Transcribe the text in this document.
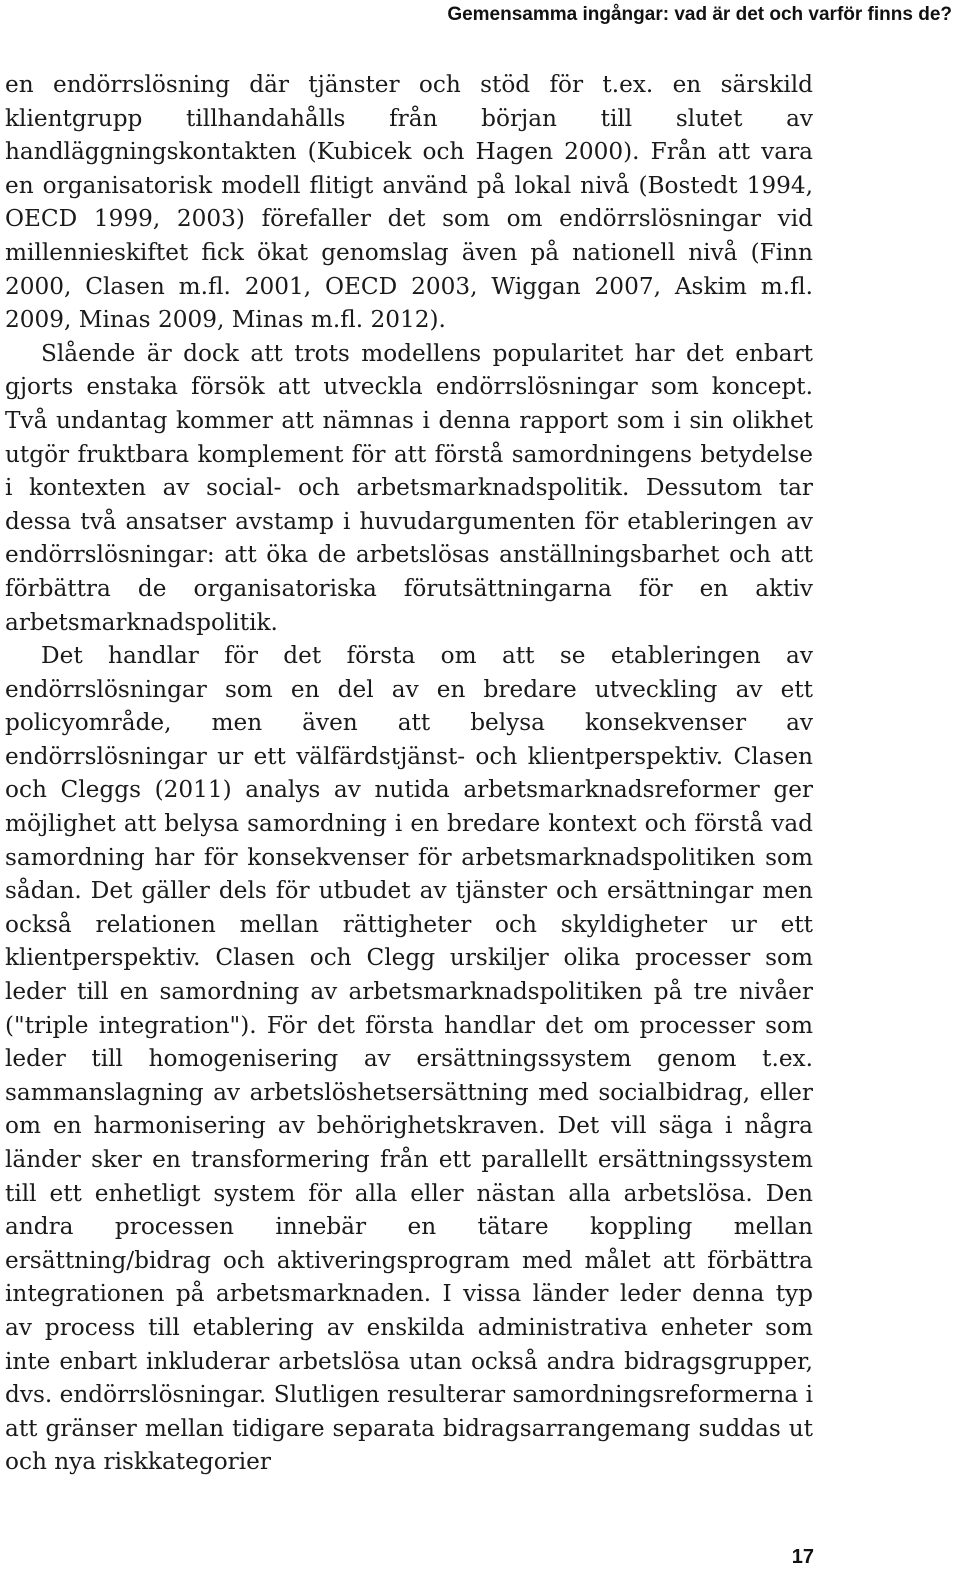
Gemensamma ingångar: vad är det och varför finns de?

en endörrslösning där tjänster och stöd för t.ex. en särskild klientgrupp tillhandahålls från början till slutet av handläggningskontakten (Kubicek och Hagen 2000). Från att vara en organisatorisk modell flitigt använd på lokal nivå (Bostedt 1994, OECD 1999, 2003) förefaller det som om endörrslösningar vid millennieskiftet fick ökat genomslag även på nationell nivå (Finn 2000, Clasen m.fl. 2001, OECD 2003, Wiggan 2007, Askim m.fl. 2009, Minas 2009, Minas m.fl. 2012).

Slående är dock att trots modellens popularitet har det enbart gjorts enstaka försök att utveckla endörrslösningar som koncept. Två undantag kommer att nämnas i denna rapport som i sin olikhet utgör fruktbara komplement för att förstå samordningens betydelse i kontexten av social- och arbetsmarknadspolitik. Dessutom tar dessa två ansatser avstamp i huvudargumenten för etableringen av endörrslösningar: att öka de arbetslösas anställningsbarhet och att förbättra de organisatoriska förutsättningarna för en aktiv arbetsmarknadspolitik.

Det handlar för det första om att se etableringen av endörrslösningar som en del av en bredare utveckling av ett policyområde, men även att belysa konsekvenser av endörrslösningar ur ett välfärdstjänst- och klientperspektiv. Clasen och Cleggs (2011) analys av nutida arbetsmarknadsreformer ger möjlighet att belysa samordning i en bredare kontext och förstå vad samordning har för konsekvenser för arbetsmarknadspolitiken som sådan. Det gäller dels för utbudet av tjänster och ersättningar men också relationen mellan rättigheter och skyldigheter ur ett klientperspektiv. Clasen och Clegg urskiljer olika processer som leder till en samordning av arbetsmarknadspolitiken på tre nivåer ("triple integration"). För det första handlar det om processer som leder till homogenisering av ersättningssystem genom t.ex. sammanslagning av arbetslöshetsersättning med socialbidrag, eller om en harmonisering av behörighetskraven. Det vill säga i några länder sker en transformering från ett parallellt ersättningssystem till ett enhetligt system för alla eller nästan alla arbetslösa. Den andra processen innebär en tätare koppling mellan ersättning/bidrag och aktiveringsprogram med målet att förbättra integrationen på arbetsmarknaden. I vissa länder leder denna typ av process till etablering av enskilda administrativa enheter som inte enbart inkluderar arbetslösa utan också andra bidragsgrupper, dvs. endörrslösningar. Slutligen resulterar samordningsreformerna i att gränser mellan tidigare separata bidragsarrangemang suddas ut och nya riskkategorier

17
